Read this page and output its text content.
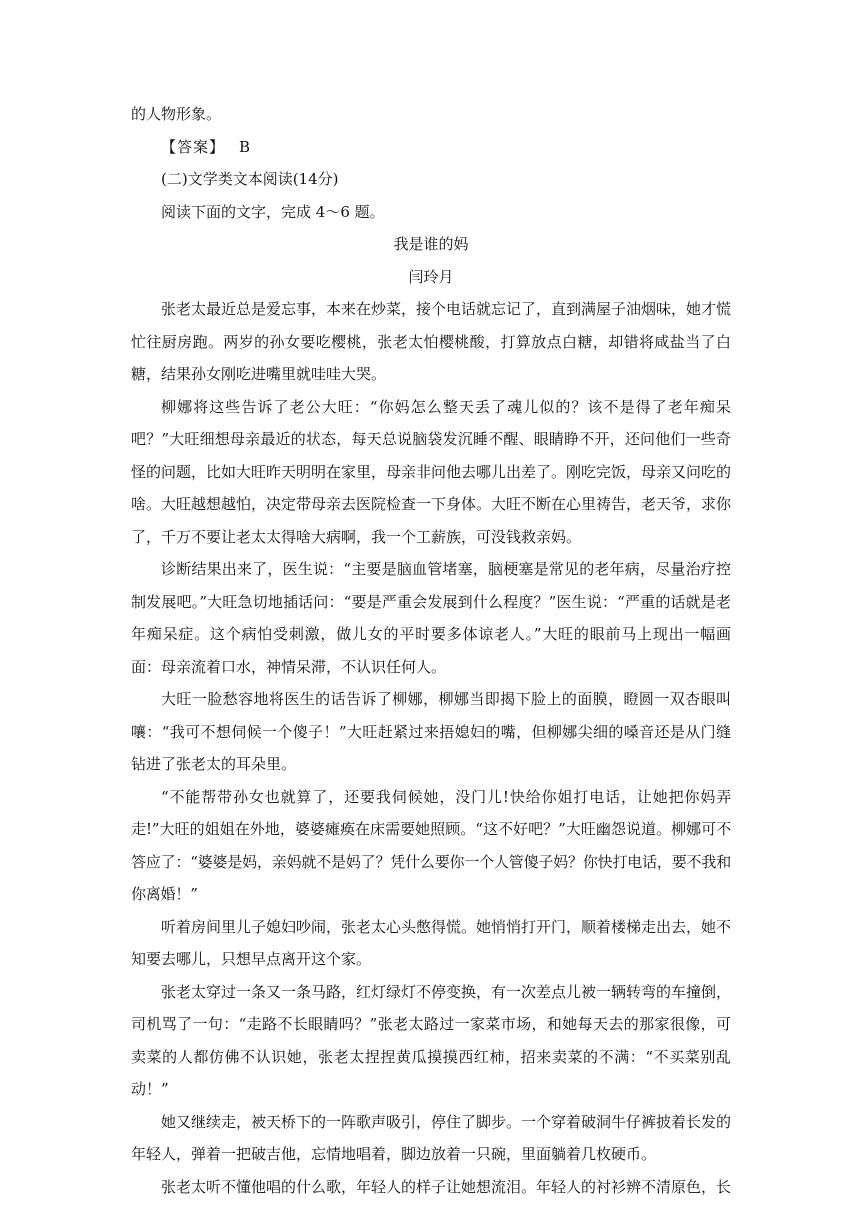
的人物形象。

【答案】 B

(二)文学类文本阅读(14分)

阅读下面的文字，完成 4～6 题。

我是谁的妈

闫玲月

张老太最近总是爱忘事，本来在炒菜，接个电话就忘记了，直到满屋子油烟味，她才慌忙往厨房跑。两岁的孙女要吃樱桃，张老太怕樱桃酸，打算放点白糖，却错将咸盐当了白糖，结果孙女刚吃进嘴里就哇哇大哭。

柳娜将这些告诉了老公大旺：“你妈怎么整天丢了魂儿似的？该不是得了老年痴呆吧？”大旺细想母亲最近的状态，每天总说脑袋发沉睡不醒、眼睛睁不开，还问他们一些奇怪的问题，比如大旺昨天明明在家里，母亲非问他去哪儿出差了。刚吃完饭，母亲又问吃的啥。大旺越想越怕，决定带母亲去医院检查一下身体。大旺不断在心里祷告，老天爷，求你了，千万不要让老太太得啥大病啊，我一个工薪族，可没钱救亲妈。

诊断结果出来了，医生说：“主要是脑血管堵塞，脑梗塞是常见的老年病，尽量治疗控制发展吧。”大旺急切地插话问：“要是严重会发展到什么程度？”医生说：“严重的话就是老年痴呆症。这个病怕受刺激，做儿女的平时要多体谅老人。”大旺的眼前马上现出一幅画面：母亲流着口水，神情呆滞，不认识任何人。

大旺一脸愁容地将医生的话告诉了柳娜，柳娜当即揭下脸上的面膜，瞪圆一双杏眼叫嚷：“我可不想伺候一个傻子！”大旺赶紧过来捂媳妇的嘴，但柳娜尖细的嗓音还是从门缝钻进了张老太的耳朵里。

“不能帮带孙女也就算了，还要我伺候她，没门儿!快给你姐打电话，让她把你妈弄走!”大旺的姐姐在外地，婆婆瘫痪在床需要她照顾。“这不好吧？”大旺幽怨说道。柳娜可不答应了：“婆婆是妈，亲妈就不是妈了？凭什么要你一个人管傻子妈？你快打电话，要不我和你离婚！”

听着房间里儿子媳妇吵闹，张老太心头憋得慌。她悄悄打开门，顺着楼梯走出去，她不知要去哪儿，只想早点离开这个家。

张老太穿过一条又一条马路，红灯绿灯不停变换，有一次差点儿被一辆转弯的车撞倒，司机骂了一句：“走路不长眼睛吗？”张老太路过一家菜市场，和她每天去的那家很像，可卖菜的人都仿佛不认识她，张老太捏捏黄瓜摸摸西红柿，招来卖菜的不满：“不买菜别乱动！”

她又继续走，被天桥下的一阵歌声吸引，停住了脚步。一个穿着破洞牛仔裤披着长发的年轻人，弹着一把破吉他，忘情地唱着，脚边放着一只碗，里面躺着几枚硬币。

张老太听不懂他唱的什么歌，年轻人的样子让她想流泪。年轻人的衬衫辨不清原色，长
